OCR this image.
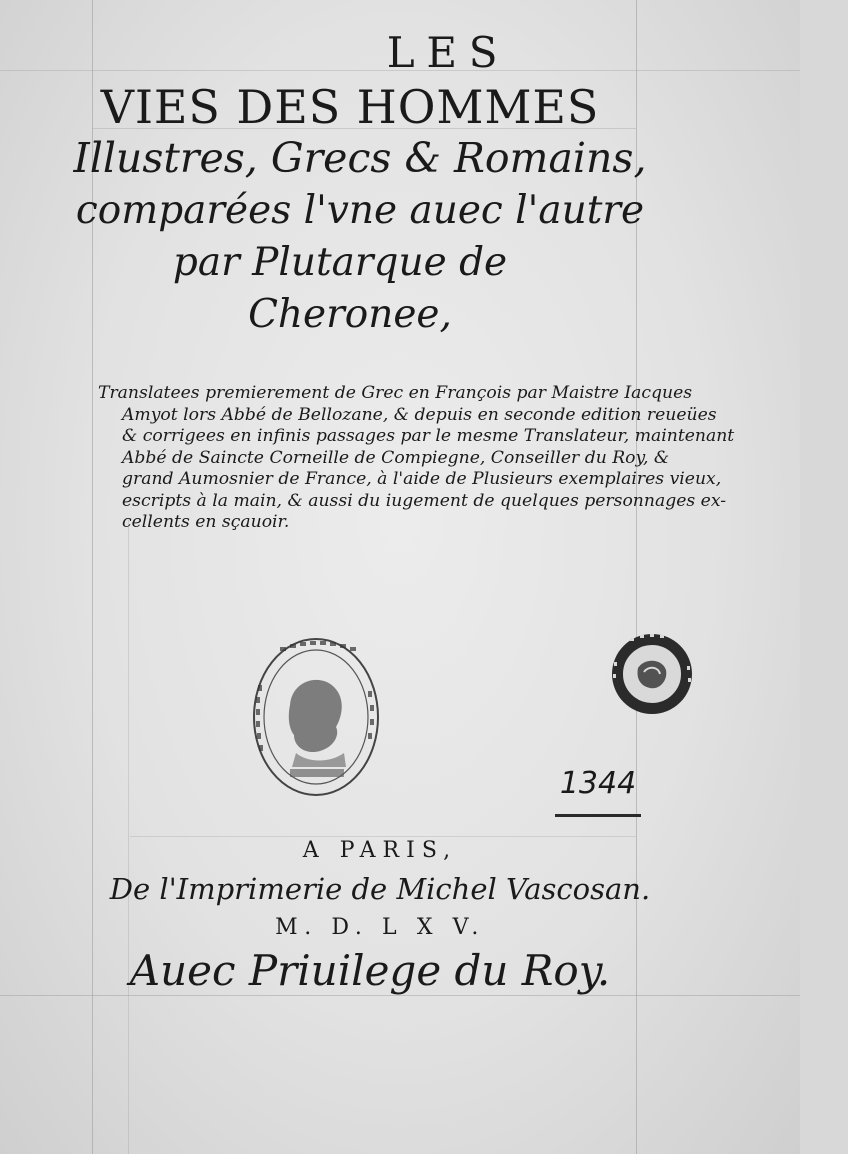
LES
VIES DES HOMMES
Illustres, Grecs & Romains,
comparées l'vne auec l'autre
par Plutarque de
Cheronee,
Translatees premierement de Grec en François par Maistre Iacques
Amyot lors Abbé de Bellozane, & depuis en seconde edition reueües
& corrigees en infinis passages par le mesme Translateur, maintenant
Abbé de Saincte Corneille de Compiegne, Conseiller du Roy, &
grand Aumosnier de France, à l'aide de Plusieurs exemplaires vieux,
escripts à la main, & aussi du iugement de quelques personnages ex-
cellents en sçauoir.
1344
A PARIS,
De l'Imprimerie de Michel Vascosan.
M. D. L X V.
Auec Priuilege du Roy.
